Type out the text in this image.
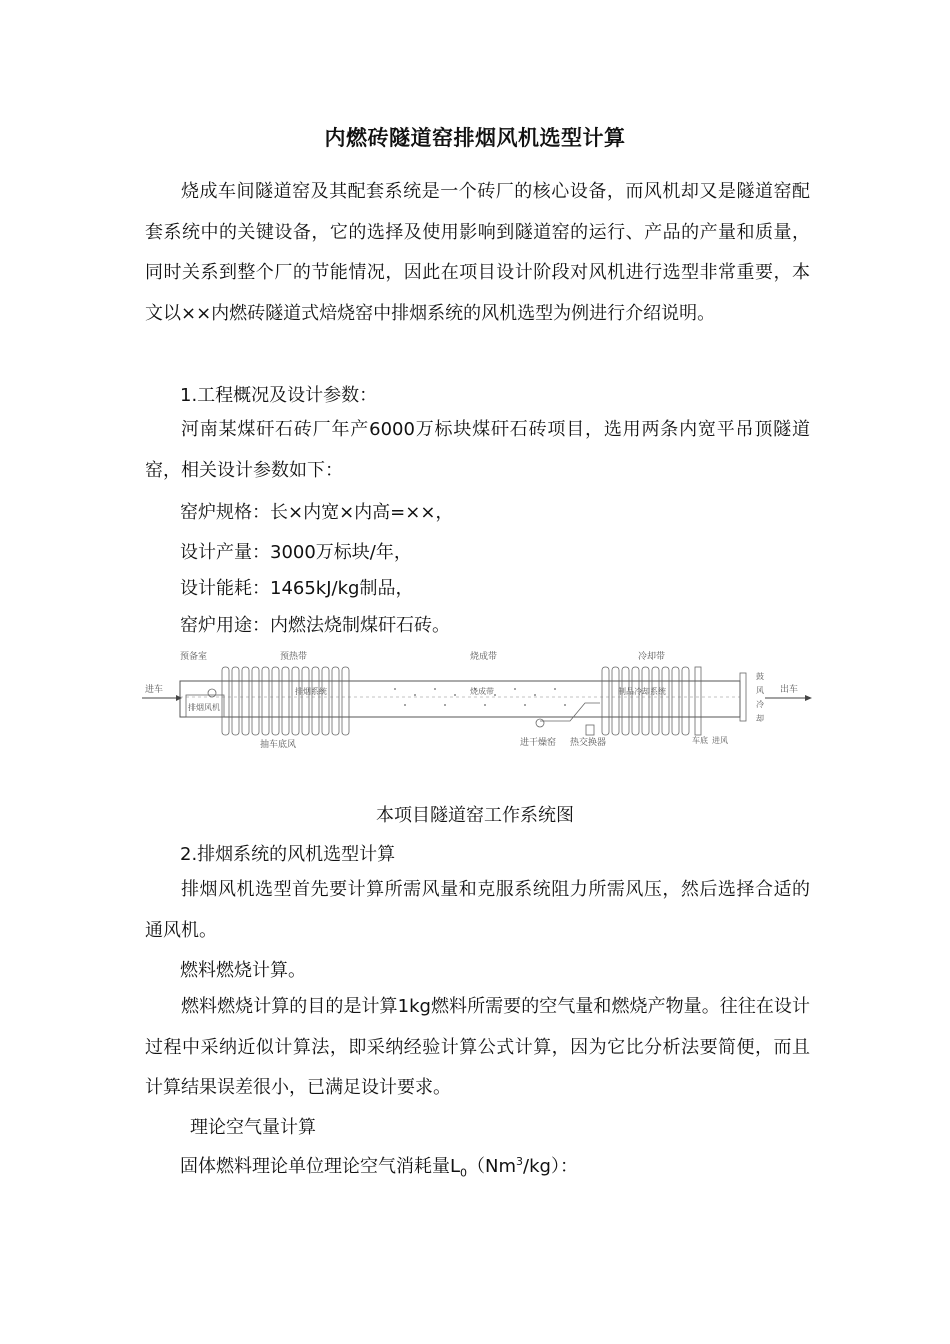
内燃砖隧道窑排烟风机选型计算
烧成车间隧道窑及其配套系统是一个砖厂的核心设备，而风机却又是隧道窑配套系统中的关键设备，它的选择及使用影响到隧道窑的运行、产品的产量和质量，同时关系到整个厂的节能情况，因此在项目设计阶段对风机进行选型非常重要，本文以××内燃砖隧道式焙烧窑中排烟系统的风机选型为例进行介绍说明。
1.工程概况及设计参数：
河南某煤矸石砖厂年产6000万标块煤矸石砖项目，选用两条内宽平吊顶隧道窑，相关设计参数如下：
窑炉规格：长×内宽×内高=××，
设计产量：3000万标块/年，
设计能耗：1465kJ/kg制品，
窑炉用途：内燃法烧制煤矸石砖。
预备室	预热带	烧成带	冷却带
进车	出车
排烟风机
排烟系统
抽车底风
烧成带
进干燥窑
制品冷却系统
热交换器	车底 进风
鼓
风
冷
却
本项目隧道窑工作系统图
2.排烟系统的风机选型计算
排烟风机选型首先要计算所需风量和克服系统阻力所需风压，然后选择合适的通风机。
燃料燃烧计算。
燃料燃烧计算的目的是计算1kg燃料所需要的空气量和燃烧产物量。往往在设计过程中采纳近似计算法，即采纳经验计算公式计算，因为它比分析法要简便，而且计算结果误差很小，已满足设计要求。
理论空气量计算
固体燃料理论单位理论空气消耗量$L_0(Nm^3/kg)$：
